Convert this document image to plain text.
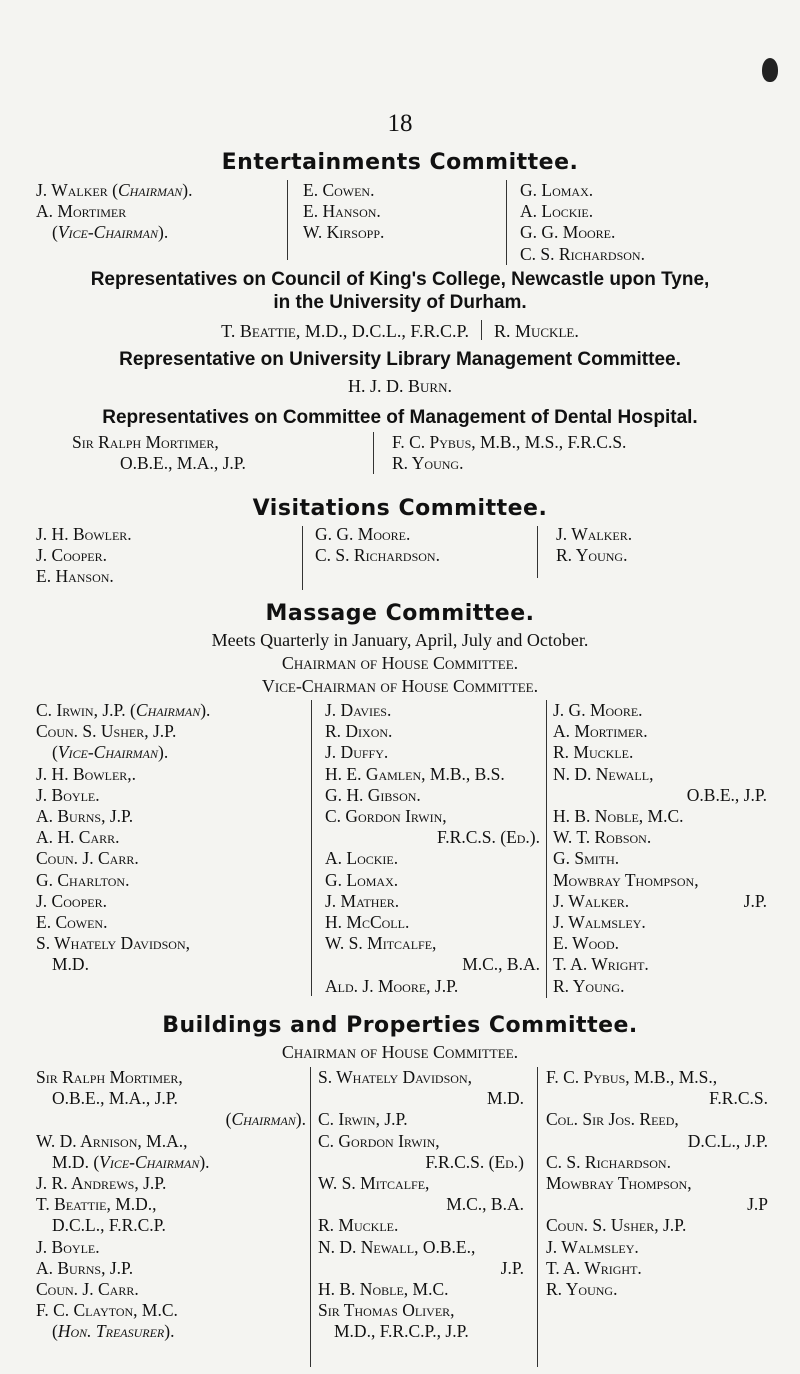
18
Entertainments Committee.
J. Walker (Chairman).
A. Mortimer
(Vice-Chairman).
E. Cowen.
E. Hanson.
W. Kirsopp.
G. Lomax.
A. Lockie.
G. G. Moore.
C. S. Richardson.
Representatives on Council of King's College, Newcastle upon Tyne,
in the University of Durham.
T. Beattie, M.D., D.C.L., F.R.C.P. R. Muckle.
Representative on University Library Management Committee.
H. J. D. Burn.
Representatives on Committee of Management of Dental Hospital.
Sir Ralph Mortimer,
O.B.E., M.A., J.P.
F. C. Pybus, M.B., M.S., F.R.C.S.
R. Young.
Visitations Committee.
J. H. Bowler.
J. Cooper.
E. Hanson.
G. G. Moore.
C. S. Richardson.
J. Walker.
R. Young.
Massage Committee.
Meets Quarterly in January, April, July and October.
Chairman of House Committee.
Vice-Chairman of House Committee.
C. Irwin, J.P. (Chairman).
Coun. S. Usher, J.P.
(Vice-Chairman).
J. H. Bowler,.
J. Boyle.
A. Burns, J.P.
A. H. Carr.
Coun. J. Carr.
G. Charlton.
J. Cooper.
E. Cowen.
S. Whately Davidson,
M.D.
J. Davies.
R. Dixon.
J. Duffy.
H. E. Gamlen, M.B., B.S.
G. H. Gibson.
C. Gordon Irwin,
F.R.C.S. (Ed.).
A. Lockie.
G. Lomax.
J. Mather.
H. McColl.
W. S. Mitcalfe,
M.C., B.A.
Ald. J. Moore, J.P.
J. G. Moore.
A. Mortimer.
R. Muckle.
N. D. Newall,
O.B.E., J.P.
H. B. Noble, M.C.
W. T. Robson.
G. Smith.
Mowbray Thompson,
J. Walker.	J.P.
J. Walmsley.
E. Wood.
T. A. Wright.
R. Young.
Buildings and Properties Committee.
Chairman of House Committee.
Sir Ralph Mortimer,
O.B.E., M.A., J.P.
(Chairman).
W. D. Arnison, M.A.,
M.D. (Vice-Chairman).
J. R. Andrews, J.P.
T. Beattie, M.D.,
D.C.L., F.R.C.P.
J. Boyle.
A. Burns, J.P.
Coun. J. Carr.
F. C. Clayton, M.C.
(Hon. Treasurer).
S. Whately Davidson,
M.D.
C. Irwin, J.P.
C. Gordon Irwin,
F.R.C.S. (Ed.)
W. S. Mitcalfe,
M.C., B.A.
R. Muckle.
N. D. Newall, O.B.E.,
J.P.
H. B. Noble, M.C.
Sir Thomas Oliver,
M.D., F.R.C.P., J.P.
F. C. Pybus, M.B., M.S.,
F.R.C.S.
Col. Sir Jos. Reed,
D.C.L., J.P.
C. S. Richardson.
Mowbray Thompson,
J.P
Coun. S. Usher, J.P.
J. Walmsley.
T. A. Wright.
R. Young.
